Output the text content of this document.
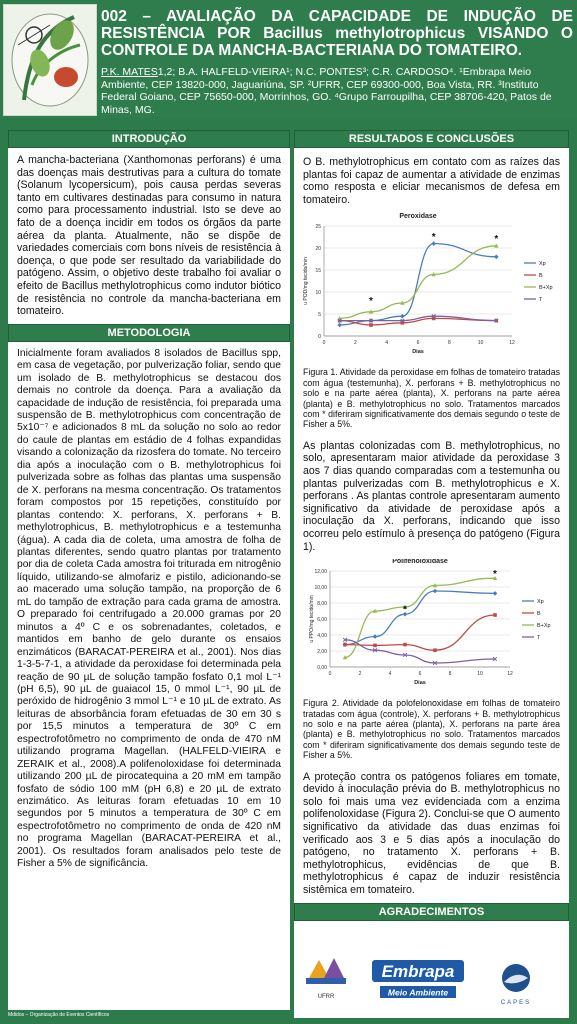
002 – AVALIAÇÃO DA CAPACIDADE DE INDUÇÃO DE RESISTÊNCIA POR Bacillus methylotrophicus VISANDO O CONTROLE DA MANCHA-BACTERIANA DO TOMATEIRO.
P.K. MATES1,2; B.A. HALFELD-VIEIRA¹; N.C. PONTES³; C.R. CARDOSO⁴. ¹Embrapa Meio Ambiente, CEP 13820-000, Jaguariúna, SP. ²UFRR, CEP 69300-000, Boa Vista, RR. ³Instituto Federal Goiano, CEP 75650-000, Morrinhos, GO. ⁴Grupo Farroupilha, CEP 38706-420, Patos de Minas, MG.
INTRODUÇÃO

A mancha-bacteriana (Xanthomonas perforans) é uma das doenças mais destrutivas para a cultura do tomate (Solanum lycopersicum), pois causa perdas severas tanto em cultivares destinadas para consumo in natura como para processamento industrial. Isto se deve ao fato de a doença incidir em todos os órgãos da parte aérea da planta. Atualmente, não se dispõe de variedades comerciais com bons níveis de resistência à doença, o que pode ser resultado da variabilidade do patógeno. Assim, o objetivo deste trabalho foi avaliar o efeito de Bacillus methylotrophicus como indutor biótico de resistência no controle da mancha-bacteriana em tomateiro.

METODOLOGIA

Inicialmente foram avaliados 8 isolados de Bacillus spp, em casa de vegetação, por pulverização foliar, sendo que um isolado de B. methylotrophicus se destacou dos demais no controle da doença. Para a avaliação da capacidade de indução de resistência, foi preparada uma suspensão de B. methylotrophicus com concentração de 5x10⁻⁷ e adicionados 8 mL da solução no solo ao redor do caule de plantas em estádio de 4 folhas expandidas visando a colonização da rizosfera do tomate. No terceiro dia após a inoculação com o B. methylotrophicus foi pulverizada sobre as folhas das plantas uma suspensão de X. perforans na mesma concentração. Os tratamentos foram compostos por 15 repetições, constituído por plantas contendo: X. perforans, X. perforans + B. methylotrophicus, B. methylotrophicus e a testemunha (água). A cada dia de coleta, uma amostra de folha de plantas diferentes, sendo quatro plantas por tratamento por dia de coleta Cada amostra foi triturada em nitrogênio líquido, utilizando-se almofariz e pistilo, adicionando-se ao macerado uma solução tampão, na proporção de 6 mL do tampão de extração para cada grama de amostra. O preparado foi centrifugado a 20.000 gramas por 20 minutos a 4º C e os sobrenadantes, coletados, e mantidos em banho de gelo durante os ensaios enzimáticos (BARACAT-PEREIRA et al., 2001). Nos dias 1-3-5-7-1, a atividade da peroxidase foi determinada pela reação de 90 µL de solução tampão fosfato 0,1 mol L⁻¹ (pH 6,5), 90 µL de guaiacol 15, 0 mmol L⁻¹, 90 µL de peróxido de hidrogênio 3 mmol L⁻¹ e 10 µL de extrato. As leituras de absorbância foram efetuadas de 30 em 30 s por 15,5 minutos a temperatura de 30º C em espectrofotômetro no comprimento de onda de 470 nM utilizando programa Magellan. (HALFELD-VIEIRA e ZERAIK et al., 2008).A polifenoloxidase foi determinada utilizando 200 µL de pirocatequina a 20 mM em tampão fosfato de sódio 100 mM (pH 6,8) e 20 µL de extrato enzimático. As leituras foram efetuadas 10 em 10 segundos por 5 minutos a temperatura de 30º C em espectrofotômetro no comprimento de onda de 420 nM no programa Magellan (BARACAT-PEREIRA et al., 2001). Os resultados foram analisados pelo teste de Fisher a 5% de significância.

RESULTADOS E CONCLUSÕES

O B. methylotrophicus em contato com as raízes das plantas foi capaz de aumentar a atividade de enzimas como resposta e eliciar mecanismos de defesa em tomateiro.

Peroxidase
0
5
10
15
20
25
0	2	4	6	8	10	12
Dias
u POD/mg tecido/min	Xp
B
B+Xp
T
*
*	*
Figura 1. Atividade da peroxidase em folhas de tomateiro tratadas com água (testemunha), X. perforans + B. methylotrophicus no solo e na parte aérea (planta), X. perforans na parte aérea (planta) e B. methylotrophicus no solo. Tratamentos marcados com * diferiram significativamente dos demais segundo o teste de Fisher a 5%.

As plantas colonizadas com B. methylotrophicus, no solo, apresentaram maior atividade da peroxidase 3 aos 7 dias quando comparadas com a testemunha ou plantas pulverizadas com B. methylotrophicus e X. perforans . As plantas controle apresentaram aumento significativo da atividade de peroxidase após a inoculação da X. perforans, indicando que isso ocorreu pelo estímulo à presença do patógeno (Figura 1).

Polifenoloxidase
0,00
2,00
4,00
6,00
8,00
10,00
12,00
0	2	4	6	8	10	12
Dias
u PPO/mg tecido/min	Xp
B
B+Xp
T
*
*
Figura 2. Atividade da polofelonoxidase em folhas de tomateiro tratadas com água (controle), X. perforans + B. methylotrophicus no solo e na parte aérea (planta), X. perforans na parte área (planta) e B. methylotrophicus no solo. Tratamentos marcados com * diferiram significativamente dos demais segundo teste de Fisher a 5%.

A proteção contra os patógenos foliares em tomate, devido à inoculação prévia do B. methylotrophicus no solo foi mais uma vez evidenciada com a enzima polifenoloxidase (Figura 2). Conclui-se que O aumento significativo da atividade das duas enzimas foi verificado aos 3 e 5 dias após a inoculação do patógeno, no tratamento X. perforans + B. methylotrophicus, evidências de que B. methylotrophicus é capaz de induzir resistência sistêmica em tomateiro.

AGRADECIMENTOS
UFRR
Embrapa
Meio Ambiente
CAPES
Mdidos – Organização de Eventos Científicos
